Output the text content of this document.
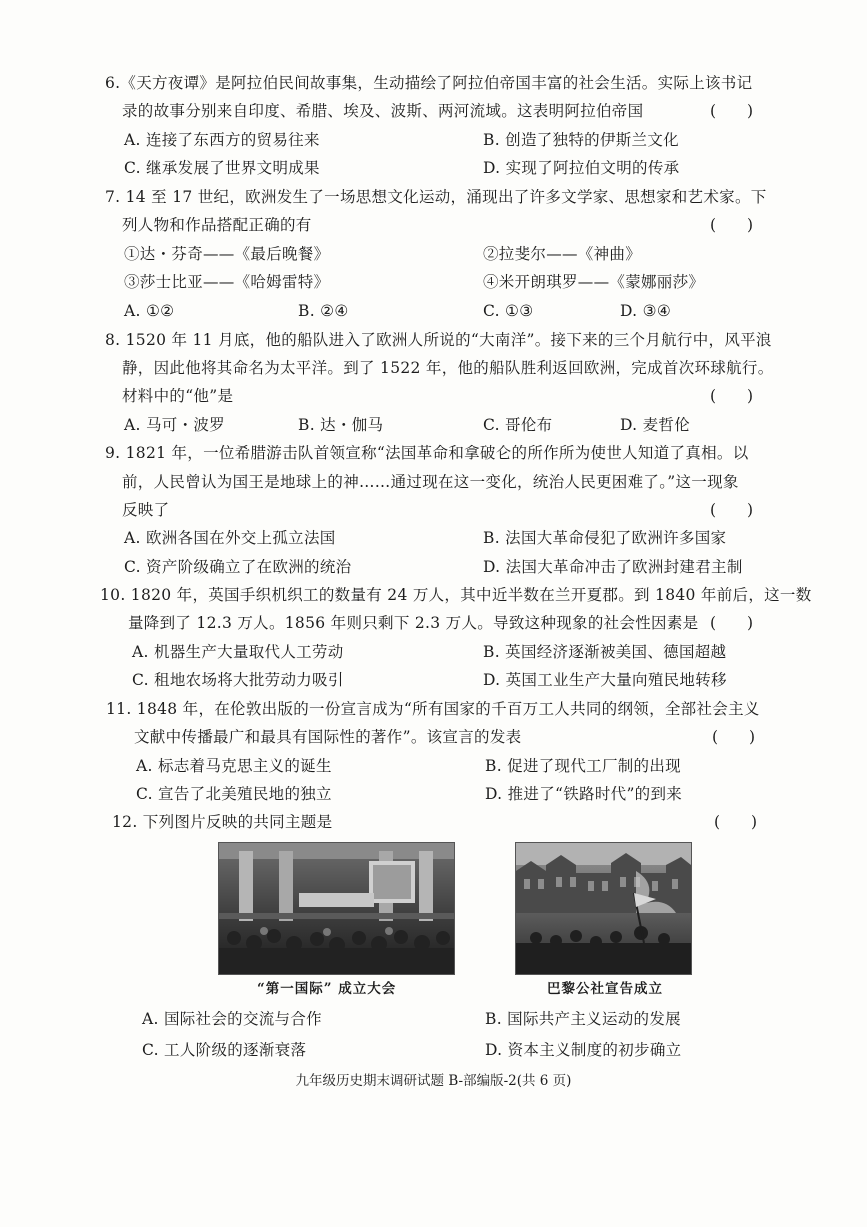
6.《天方夜谭》是阿拉伯民间故事集，生动描绘了阿拉伯帝国丰富的社会生活。实际上该书记
录的故事分别来自印度、希腊、埃及、波斯、两河流域。这表明阿拉伯帝国	(　　)
A. 连接了东西方的贸易往来	B. 创造了独特的伊斯兰文化
C. 继承发展了世界文明成果	D. 实现了阿拉伯文明的传承
7. 14 至 17 世纪，欧洲发生了一场思想文化运动，涌现出了许多文学家、思想家和艺术家。下
列人物和作品搭配正确的有	(　　)
①达・芬奇——《最后晚餐》	②拉斐尔——《神曲》
③莎士比亚——《哈姆雷特》	④米开朗琪罗——《蒙娜丽莎》
A. ①②	B. ②④	C. ①③	D. ③④
8. 1520 年 11 月底，他的船队进入了欧洲人所说的“大南洋”。接下来的三个月航行中，风平浪
静，因此他将其命名为太平洋。到了 1522 年，他的船队胜利返回欧洲，完成首次环球航行。
材料中的“他”是	(　　)
A. 马可・波罗	B. 达・伽马	C. 哥伦布	D. 麦哲伦
9. 1821 年，一位希腊游击队首领宣称“法国革命和拿破仑的所作所为使世人知道了真相。以
前，人民曾认为国王是地球上的神……通过现在这一变化，统治人民更困难了。”这一现象
反映了	(　　)
A. 欧洲各国在外交上孤立法国	B. 法国大革命侵犯了欧洲许多国家
C. 资产阶级确立了在欧洲的统治	D. 法国大革命冲击了欧洲封建君主制
10. 1820 年，英国手织机织工的数量有 24 万人，其中近半数在兰开夏郡。到 1840 年前后，这一数
量降到了 12.3 万人。1856 年则只剩下 2.3 万人。导致这种现象的社会性因素是 (　　)
A. 机器生产大量取代人工劳动	B. 英国经济逐渐被美国、德国超越
C. 租地农场将大批劳动力吸引	D. 英国工业生产大量向殖民地转移
11. 1848 年，在伦敦出版的一份宣言成为“所有国家的千百万工人共同的纲领，全部社会主义
文献中传播最广和最具有国际性的著作”。该宣言的发表	(　　)
A. 标志着马克思主义的诞生	B. 促进了现代工厂制的出现
C. 宣告了北美殖民地的独立	D. 推进了“铁路时代”的到来
12. 下列图片反映的共同主题是	(　　)
“第一国际” 成立大会	巴黎公社宣告成立
A. 国际社会的交流与合作	B. 国际共产主义运动的发展
C. 工人阶级的逐渐衰落	D. 资本主义制度的初步确立
九年级历史期末调研试题 B-部编版-2(共 6 页)
